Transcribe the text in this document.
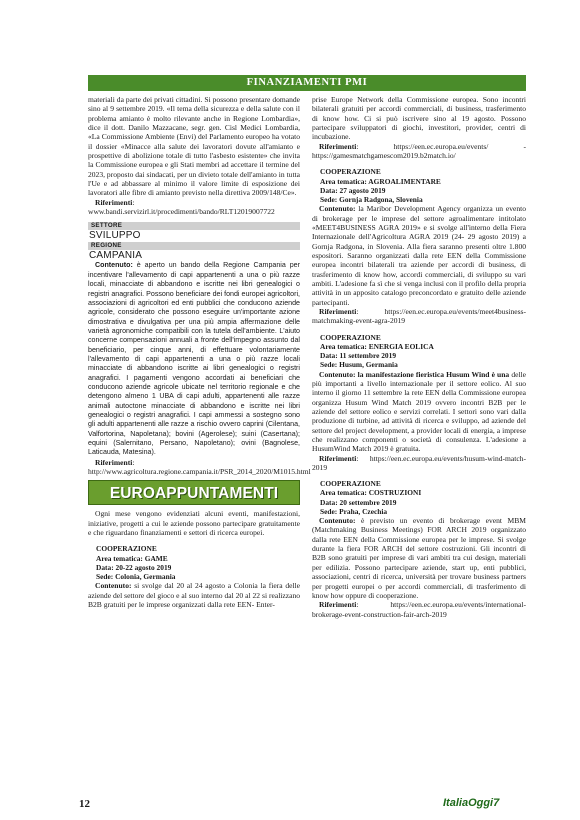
FINANZIAMENTI PMI

materiali da parte dei privati cittadini. Si possono presentare domande sino al 9 settembre 2019. «Il tema della sicurezza e della salute con il problema amianto è molto rilevante anche in Regione Lombardia», dice il dott. Danilo Mazzacane, segr. gen. Cisl Medici Lombardia, «La Commissione Ambiente (Envi) del Parlamento europeo ha votato il dossier «Minacce alla salute dei lavoratori dovute all'amianto e prospettive di abolizione totale di tutto l'asbesto esistente» che invita la Commissione europea e gli Stati membri ad accettare il termine del 2023, proposto dai sindacati, per un divieto totale dell'amianto in tutta l'Ue e ad abbassare al minimo il valore limite di esposizione dei lavoratori alle fibre di amianto previsto nella direttiva 2009/148/Ce».

Riferimenti: www.bandi.servizirl.it/procedimenti/bando/RLT12019007722

SETTORE
SVILUPPO
REGIONE
CAMPANIA

Contenuto: è aperto un bando della Regione Campania per incentivare l'allevamento di capi appartenenti a una o più razze locali, minacciate di abbandono e iscritte nei libri genealogici o registri anagrafici. Possono beneficiare dei fondi europei agricoltori, associazioni di agricoltori ed enti pubblici che conducono aziende agricole, considerato che possono eseguire un'importante azione dimostrativa e divulgativa per una più ampia affermazione delle varietà agronomiche compatibili con la tutela dell'ambiente. L'aiuto concerne compensazioni annuali a fronte dell'impegno assunto dal beneficiario, per cinque anni, di effettuare volontariamente l'allevamento di capi appartenenti a una o più razze locali minacciate di abbandono iscritte ai libri genealogici o registri anagrafici. I pagamenti vengono accordati ai beneficiari che conducono aziende agricole ubicate nel territorio regionale e che detengono almeno 1 UBA di capi adulti, appartenenti alle razze animali autoctone minacciate di abbandono e iscritte nei libri genealogici o registri anagrafici. I capi ammessi a sostegno sono gli adulti appartenenti alle razze a rischio ovvero caprini (Cilentana, Valfortorina, Napoletana); bovini (Agerolese); suini (Casertana); equini (Salernitano, Persano, Napoletano); ovini (Bagnolese, Laticauda, Matesina).

Riferimenti: http://www.agricoltura.regione.campania.it/PSR_2014_2020/M1015.html

EUROAPPUNTAMENTI

Ogni mese vengono evidenziati alcuni eventi, manifestazioni, iniziative, progetti a cui le aziende possono partecipare gratuitamente e che riguardano finanziamenti e settori di ricerca europei.

COOPERAZIONE
Area tematica: GAME
Data: 20-22 agosto 2019
Sede: Colonia, Germania

Contenuto: si svolge dal 20 al 24 agosto a Colonia la fiera delle aziende del settore del gioco e al suo interno dal 20 al 22 si realizzano B2B gratuiti per le imprese organizzati dalla rete EEN- Enter-

prise Europe Network della Commissione europea. Sono incontri bilaterali gratuiti per accordi commerciali, di business, trasferimento di know how. Ci si può iscrivere sino al 19 agosto. Possono partecipare sviluppatori di giochi, investitori, provider, centri di incubazione.

Riferimenti: https://een.ec.europa.eu/events/ -https://gamesmatchgamescom2019.b2match.io/

COOPERAZIONE
Area tematica: AGROALIMENTARE
Data: 27 agosto 2019
Sede: Gornja Radgona, Slovenia

Contenuto: la Maribor Development Agency organizza un evento di brokerage per le imprese del settore agroalimentare intitolato «MEET4BUSINESS AGRA 2019» e si svolge all'interno della Fiera Internazionale dell'Agricoltura AGRA 2019 (24- 29 agosto 2019) a Gornja Radgona, in Slovenia. Alla fiera saranno presenti oltre 1.800 espositori. Saranno organizzati dalla rete EEN della Commissione europea incontri bilaterali tra aziende per accordi di business, di trasferimento di know how, accordi commerciali, di sviluppo su vari ambiti. L'adesione fa sì che si venga inclusi con il profilo della propria attività in un apposito catalogo preconcordato e gratuito delle aziende partecipanti.

Riferimenti: https://een.ec.europa.eu/events/meet4business-matchmaking-event-agra-2019

COOPERAZIONE
Area tematica: ENERGIA EOLICA
Data: 11 settembre 2019
Sede: Husum, Germania

Contenuto: la manifestazione fieristica Husum Wind è una delle più importanti a livello internazionale per il settore eolico. Al suo interno il giorno 11 settembre la rete EEN della Commissione europea organizza Husum Wind Match 2019 ovvero incontri B2B per le aziende del settore eolico e servizi correlati. I settori sono vari dalla produzione di turbine, ad attività di ricerca e sviluppo, ad aziende del settore del project development, a provider locali di energia, a imprese che realizzano componenti o società di consulenza. L'adesione a HusumWind Match 2019 è gratuita.

Riferimenti: https://een.ec.europa.eu/events/husum-wind-match-2019

COOPERAZIONE
Area tematica: COSTRUZIONI
Data: 20 settembre 2019
Sede: Praha, Czechia

Contenuto: è previsto un evento di brokerage event MBM (Matchmaking Business Meetings) FOR ARCH 2019 organizzato dalla rete EEN della Commissione europea per le imprese. Si svolge durante la fiera FOR ARCH del settore costruzioni. Gli incontri di B2B sono gratuiti per imprese di vari ambiti tra cui design, materiali per edilizia. Possono partecipare aziende, start up, enti pubblici, associazioni, centri di ricerca, università per trovare business partners per progetti europei o per accordi commerciali, di trasferimento di know how oppure di cooperazione.

Riferimenti: https://een.ec.europa.eu/events/international-brokerage-event-construction-fair-arch-2019

12	ItaliaOggi7
